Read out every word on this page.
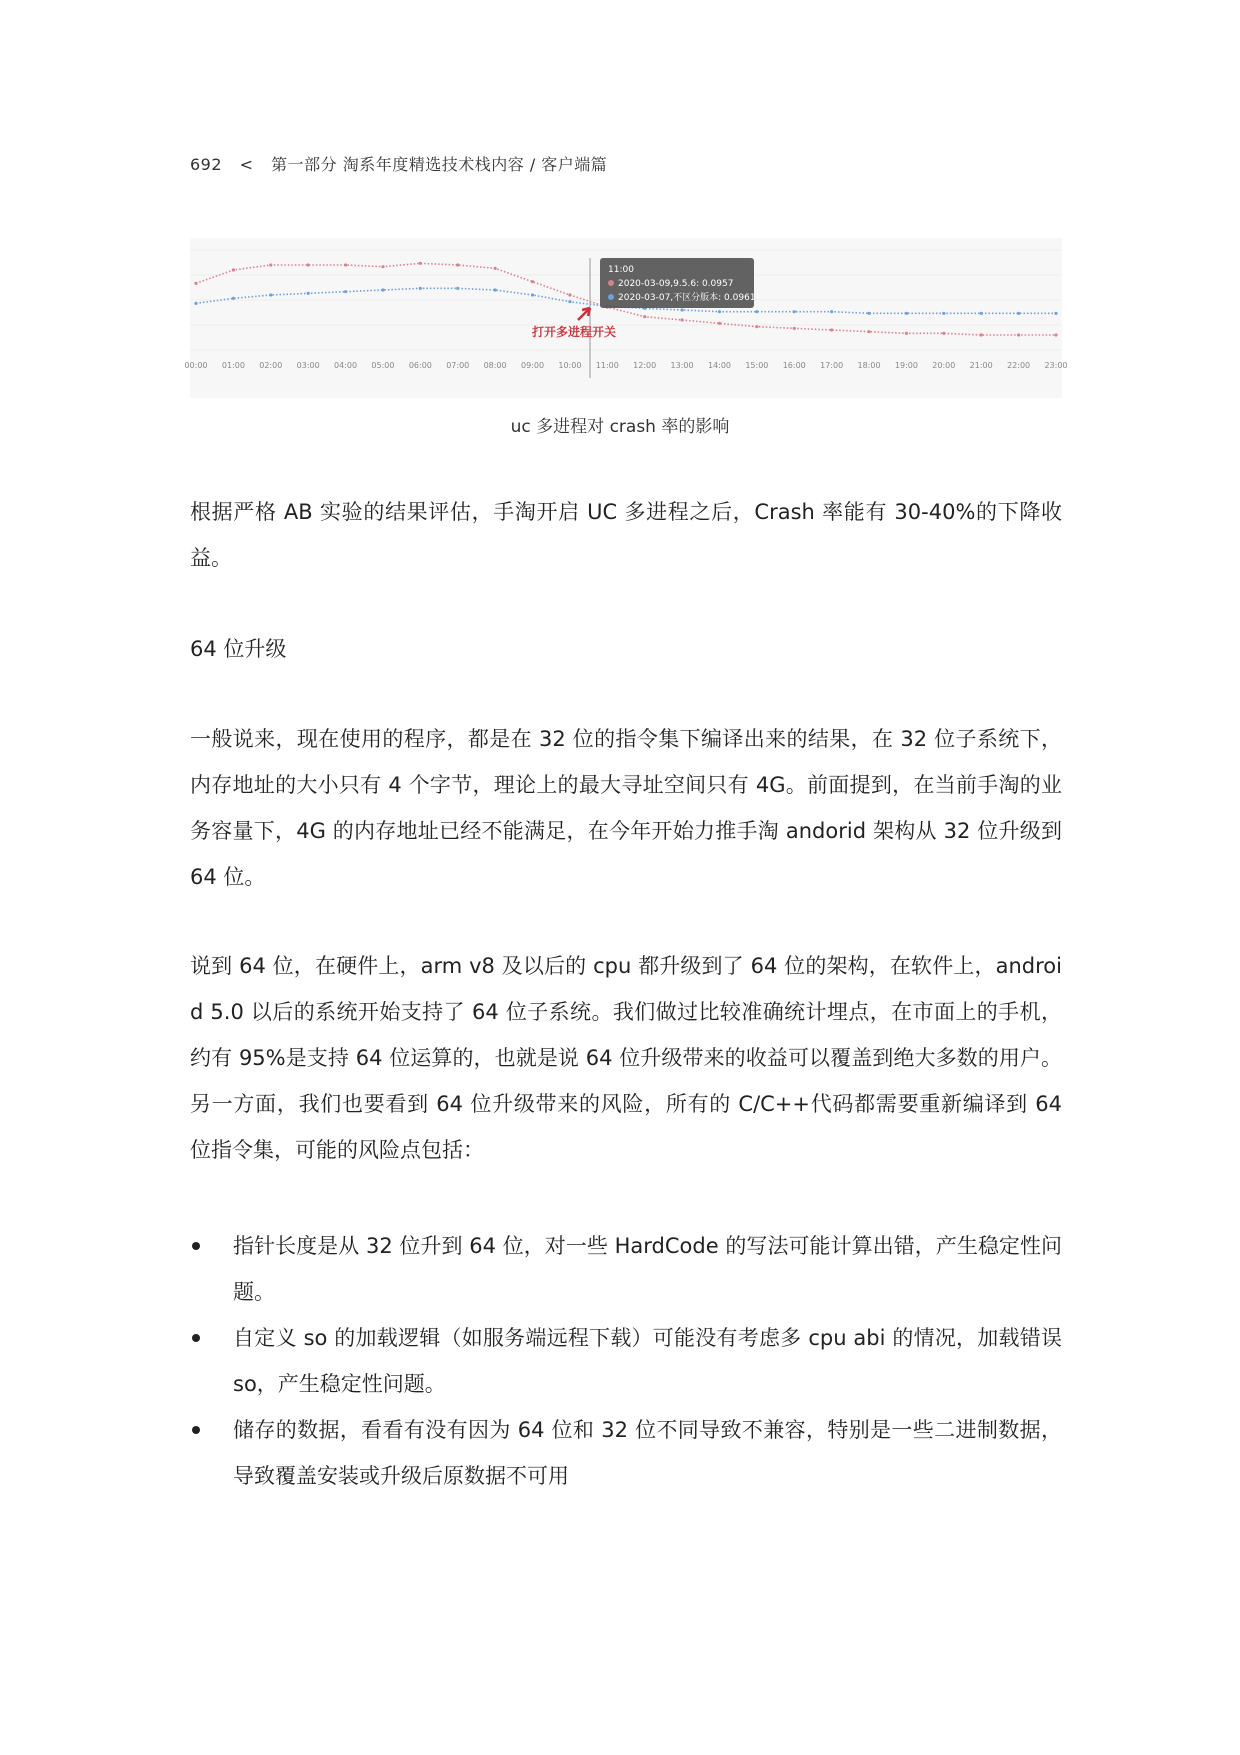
692 < 第一部分 淘系年度精选技术栈内容 / 客户端篇
00:00 01:00 02:00 03:00 04:00 05:00 06:00 07:00 08:00 09:00 10:00 11:00 12:00 13:00 14:00 15:00 16:00 17:00 18:00 19:00 20:00 21:00 22:00 23:00
11:00
2020-03-09,9.5.6: 0.0957
2020-03-07,不区分版本: 0.0961
打开多进程开关
uc 多进程对 crash 率的影响

根据严格 AB 实验的结果评估，手淘开启 UC 多进程之后，Crash 率能有 30-40%的下降收益。

64 位升级

一般说来，现在使用的程序，都是在 32 位的指令集下编译出来的结果，在 32 位子系统下，内存地址的大小只有 4 个字节，理论上的最大寻址空间只有 4G。前面提到，在当前手淘的业务容量下，4G 的内存地址已经不能满足，在今年开始力推手淘 andorid 架构从 32 位升级到 64 位。

说到 64 位，在硬件上，arm v8 及以后的 cpu 都升级到了 64 位的架构，在软件上，android 5.0 以后的系统开始支持了 64 位子系统。我们做过比较准确统计埋点，在市面上的手机，约有 95%是支持 64 位运算的，也就是说 64 位升级带来的收益可以覆盖到绝大多数的用户。另一方面，我们也要看到 64 位升级带来的风险，所有的 C/C++代码都需要重新编译到 64 位指令集，可能的风险点包括：

指针长度是从 32 位升到 64 位，对一些 HardCode 的写法可能计算出错，产生稳定性问题。
自定义 so 的加载逻辑（如服务端远程下载）可能没有考虑多 cpu abi 的情况，加载错误 so，产生稳定性问题。
储存的数据，看看有没有因为 64 位和 32 位不同导致不兼容，特别是一些二进制数据，导致覆盖安装或升级后原数据不可用
